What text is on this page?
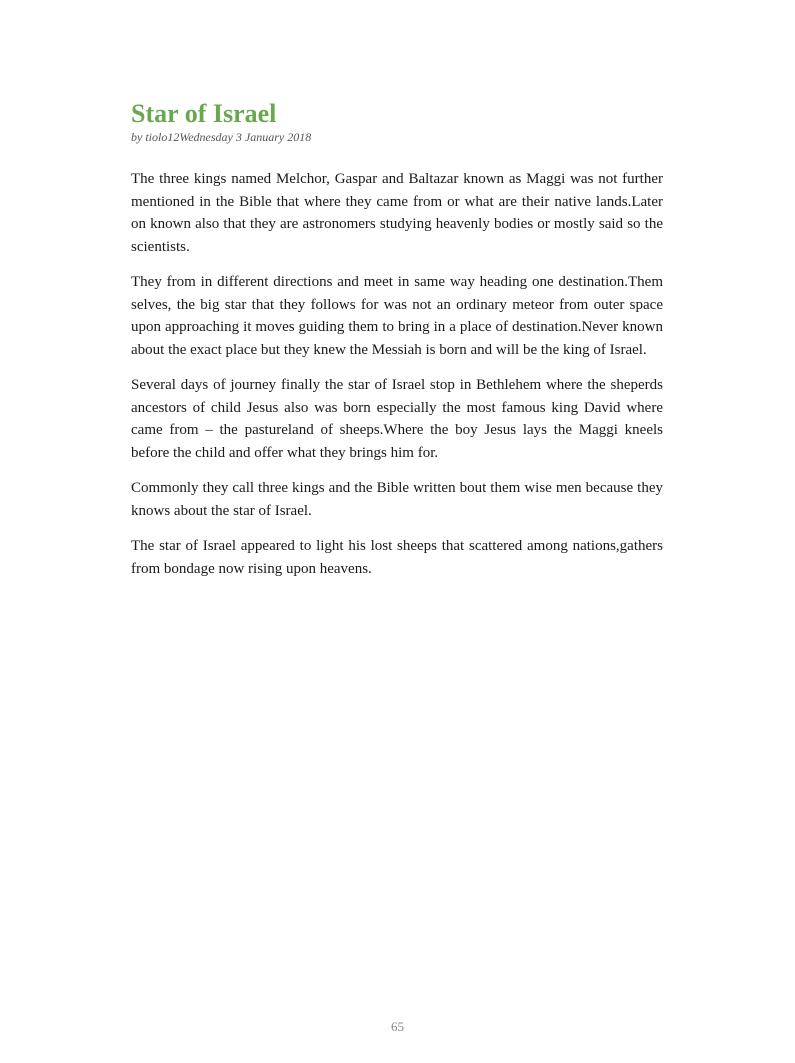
Star of Israel

by tiolo12Wednesday 3 January 2018

The three kings named Melchor, Gaspar and Baltazar known as Maggi was not further mentioned in the Bible that where they came from or what are their native lands.Later on known also that they are astronomers studying heavenly bodies or mostly said so the scientists.

They from in different directions and meet in same way heading one destination.Them selves, the big star that they follows for was not an ordinary meteor from outer space upon approaching it moves guiding them to bring in a place of destination.Never known about the exact place but they knew the Messiah is born and will be the king of Israel.

Several days of journey finally the star of Israel stop in Bethlehem where the sheperds ancestors of child Jesus also was born especially the most famous king David where came from – the pastureland of sheeps.Where the boy Jesus lays the Maggi kneels before the child and offer what they brings him for.

Commonly they call three kings and the Bible written bout them wise men because they knows about the star of Israel.

The star of Israel appeared to light his lost sheeps that scattered among nations,gathers from bondage now rising upon heavens.

65
